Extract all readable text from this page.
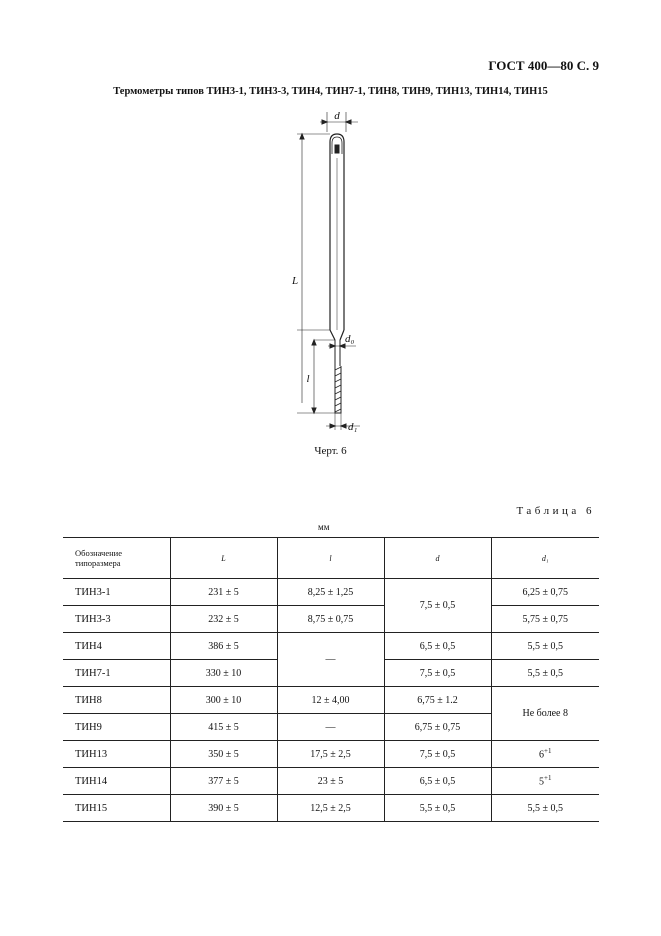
ГОСТ 400—80 С. 9
Термометры типов ТИН3-1, ТИН3-3, ТИН4, ТИН7-1, ТИН8, ТИН9, ТИН13, ТИН14, ТИН15
d
L
d₀
l
d₁
Черт. 6
Таблица 6
мм
Обозначение типоразмера	L	l	d	d₁
ТИН3-1	231 ± 5	8,25 ± 1,25	7,5 ± 0,5	6,25 ± 0,75
ТИН3-3	232 ± 5	8,75 ± 0,75		5,75 ± 0,75
ТИН4	386 ± 5	—	6,5 ± 0,5	5,5 ± 0,5
ТИН7-1	330 ± 10		7,5 ± 0,5	5,5 ± 0,5
ТИН8	300 ± 10	12 ± 4,00	6,75 ± 1.2	Не более 8
ТИН9	415 ± 5	—	6,75 ± 0,75	
ТИН13	350 ± 5	17,5 ± 2,5	7,5 ± 0,5	$6^{+1}$
ТИН14	377 ± 5	23 ± 5	6,5 ± 0,5	$5^{+1}$
ТИН15	390 ± 5	12,5 ± 2,5	5,5 ± 0,5	5,5 ± 0,5
